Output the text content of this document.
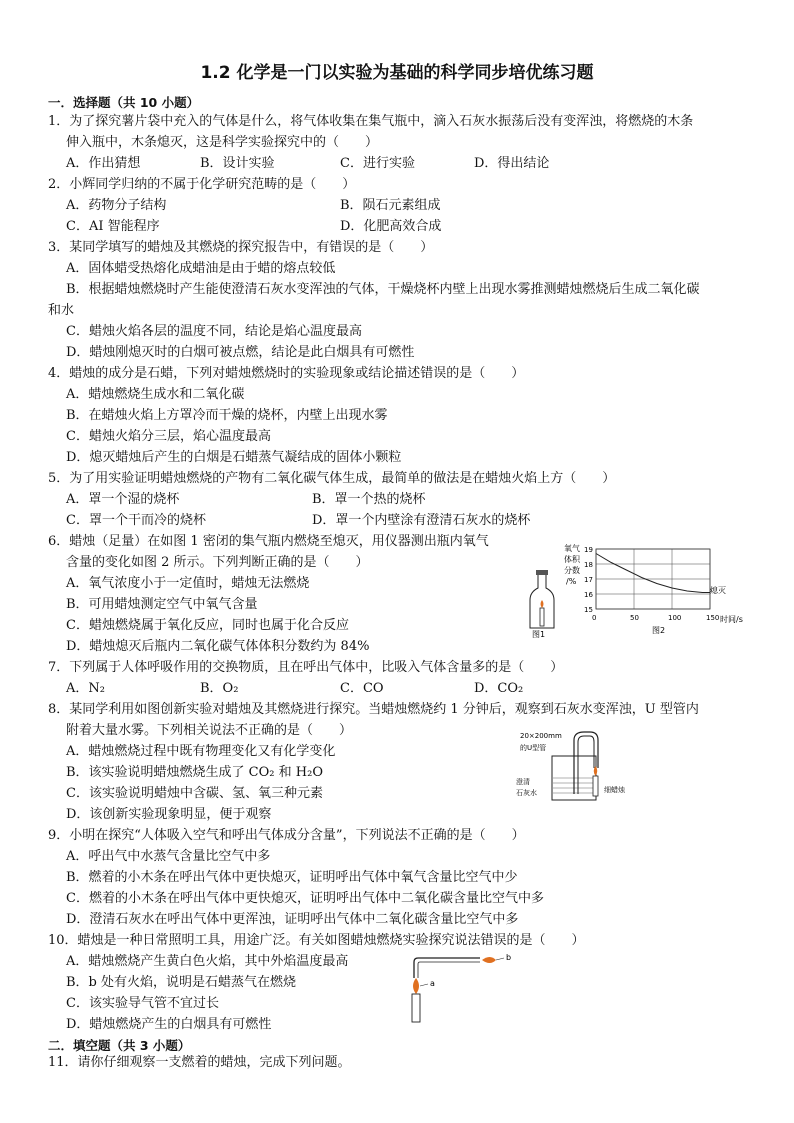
1.2 化学是一门以实验为基础的科学同步培优练习题
一．选择题（共 10 小题）
1．为了探究薯片袋中充入的气体是什么，将气体收集在集气瓶中，滴入石灰水振荡后没有变浑浊，将燃烧的木条
伸入瓶中，木条熄灭，这是科学实验探究中的（　　）
A．作出猜想	B．设计实验	C．进行实验	D．得出结论
2．小辉同学归纳的不属于化学研究范畴的是（　　）
A．药物分子结构	B．陨石元素组成
C．AI 智能程序	D．化肥高效合成
3．某同学填写的蜡烛及其燃烧的探究报告中，有错误的是（　　）
A．固体蜡受热熔化成蜡油是由于蜡的熔点较低
B．根据蜡烛燃烧时产生能使澄清石灰水变浑浊的气体，干燥烧杯内壁上出现水雾推测蜡烛燃烧后生成二氧化碳
和水
C．蜡烛火焰各层的温度不同，结论是焰心温度最高
D．蜡烛刚熄灭时的白烟可被点燃，结论是此白烟具有可燃性
4．蜡烛的成分是石蜡，下列对蜡烛燃烧时的实验现象或结论描述错误的是（　　）
A．蜡烛燃烧生成水和二氧化碳
B．在蜡烛火焰上方罩冷而干燥的烧杯，内壁上出现水雾
C．蜡烛火焰分三层，焰心温度最高
D．熄灭蜡烛后产生的白烟是石蜡蒸气凝结成的固体小颗粒
5．为了用实验证明蜡烛燃烧的产物有二氧化碳气体生成，最简单的做法是在蜡烛火焰上方（　　）
A．罩一个湿的烧杯	B．罩一个热的烧杯
C．罩一个干而冷的烧杯	D．罩一个内壁涂有澄清石灰水的烧杯
6．蜡烛（足量）在如图 1 密闭的集气瓶内燃烧至熄灭，用仪器测出瓶内氧气
含量的变化如图 2 所示。下列判断正确的是（　　）
A．氧气浓度小于一定值时，蜡烛无法燃烧
B．可用蜡烛测定空气中氧气含量
C．蜡烛燃烧属于氧化反应，同时也属于化合反应
D．蜡烛熄灭后瓶内二氧化碳气体体积分数约为 84%
图1
氧气
体积
分数
/%
15
16
17
18
19
0	50	100	150
熄灭
时间/s
图2
7．下列属于人体呼吸作用的交换物质，且在呼出气体中，比吸入气体含量多的是（　　）
A．N₂	B．O₂	C．CO	D．CO₂
8．某同学利用如图创新实验对蜡烛及其燃烧进行探究。当蜡烛燃烧约 1 分钟后，观察到石灰水变浑浊，U 型管内
附着大量水雾。下列相关说法不正确的是（　　）
A．蜡烛燃烧过程中既有物理变化又有化学变化
B．该实验说明蜡烛燃烧生成了 CO₂ 和 H₂O
C．该实验说明蜡烛中含碳、氢、氧三种元素
D．该创新实验现象明显，便于观察
20×200mm
的U型管
澄清
石灰水	细蜡烛
9．小明在探究“人体吸入空气和呼出气体成分含量”，下列说法不正确的是（　　）
A．呼出气中水蒸气含量比空气中多
B．燃着的小木条在呼出气体中更快熄灭，证明呼出气体中氧气含量比空气中少
C．燃着的小木条在呼出气体中更快熄灭，证明呼出气体中二氧化碳含量比空气中多
D．澄清石灰水在呼出气体中更浑浊，证明呼出气体中二氧化碳含量比空气中多
10．蜡烛是一种日常照明工具，用途广泛。有关如图蜡烛燃烧实验探究说法错误的是（　　）
A．蜡烛燃烧产生黄白色火焰，其中外焰温度最高
B．b 处有火焰，说明是石蜡蒸气在燃烧
C．该实验导气管不宜过长
D．蜡烛燃烧产生的白烟具有可燃性
b
a
二．填空题（共 3 小题）
11．请你仔细观察一支燃着的蜡烛，完成下列问题。
